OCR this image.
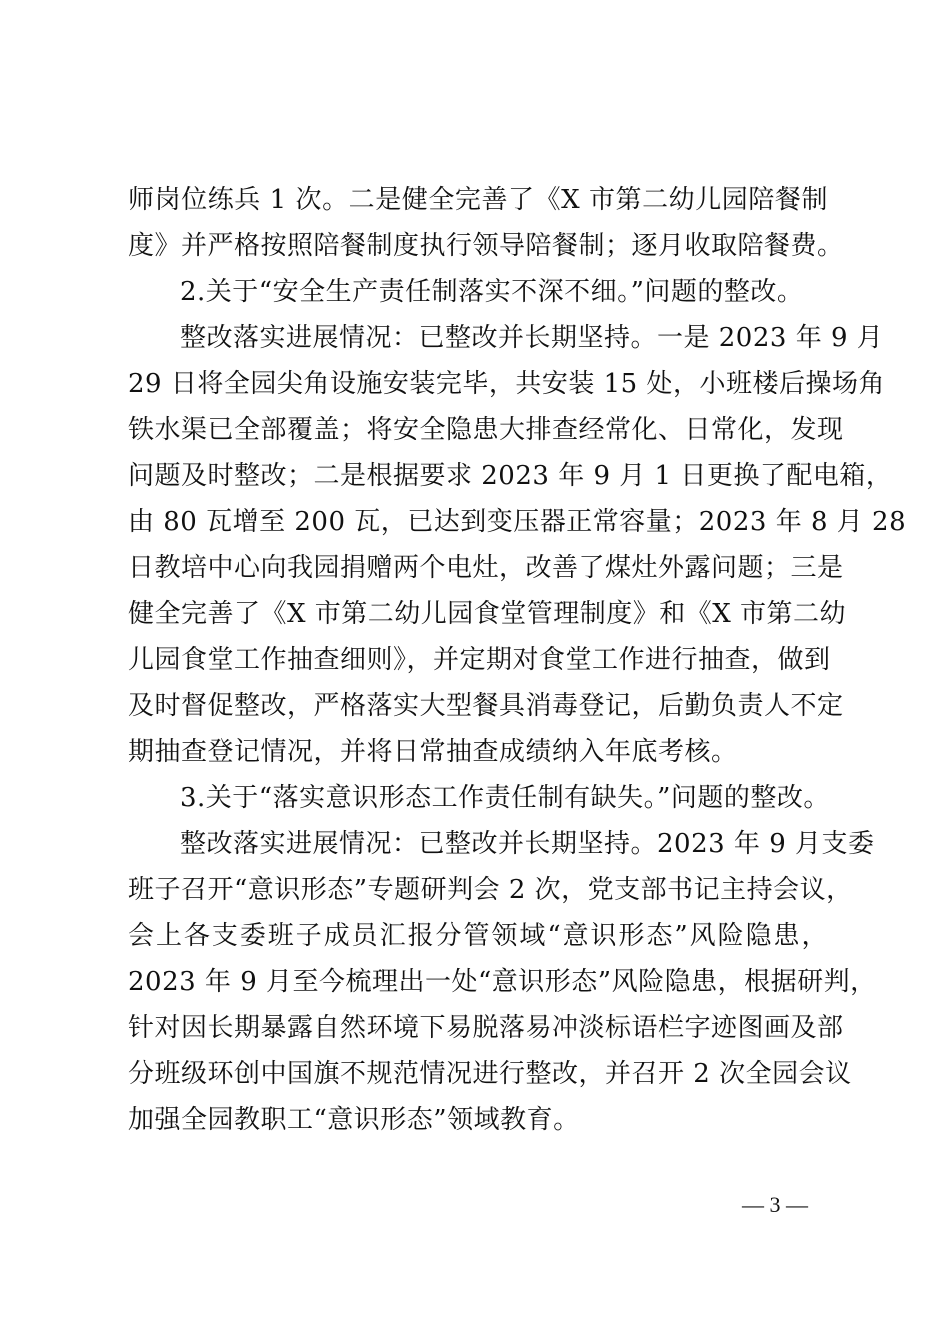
师岗位练兵 1 次。二是健全完善了《X 市第二幼儿园陪餐制
度》并严格按照陪餐制度执行领导陪餐制；逐月收取陪餐费。
2.关于“安全生产责任制落实不深不细。”问题的整改。
整改落实进展情况：已整改并长期坚持。一是 2023 年 9 月
29 日将全园尖角设施安装完毕，共安装 15 处，小班楼后操场角
铁水渠已全部覆盖；将安全隐患大排查经常化、日常化，发现
问题及时整改；二是根据要求 2023 年 9 月 1 日更换了配电箱，
由 80 瓦增至 200 瓦，已达到变压器正常容量；2023 年 8 月 28
日教培中心向我园捐赠两个电灶，改善了煤灶外露问题；三是
健全完善了《X 市第二幼儿园食堂管理制度》和《X 市第二幼
儿园食堂工作抽查细则》，并定期对食堂工作进行抽查，做到
及时督促整改，严格落实大型餐具消毒登记，后勤负责人不定
期抽查登记情况，并将日常抽查成绩纳入年底考核。
3.关于“落实意识形态工作责任制有缺失。”问题的整改。
整改落实进展情况：已整改并长期坚持。2023 年 9 月支委
班子召开“意识形态”专题研判会 2 次，党支部书记主持会议，
会上各支委班子成员汇报分管领域“意识形态”风险隐患，
2023 年 9 月至今梳理出一处“意识形态”风险隐患，根据研判，
针对因长期暴露自然环境下易脱落易冲淡标语栏字迹图画及部
分班级环创中国旗不规范情况进行整改，并召开 2 次全园会议
加强全园教职工“意识形态”领域教育。
— 3 —
